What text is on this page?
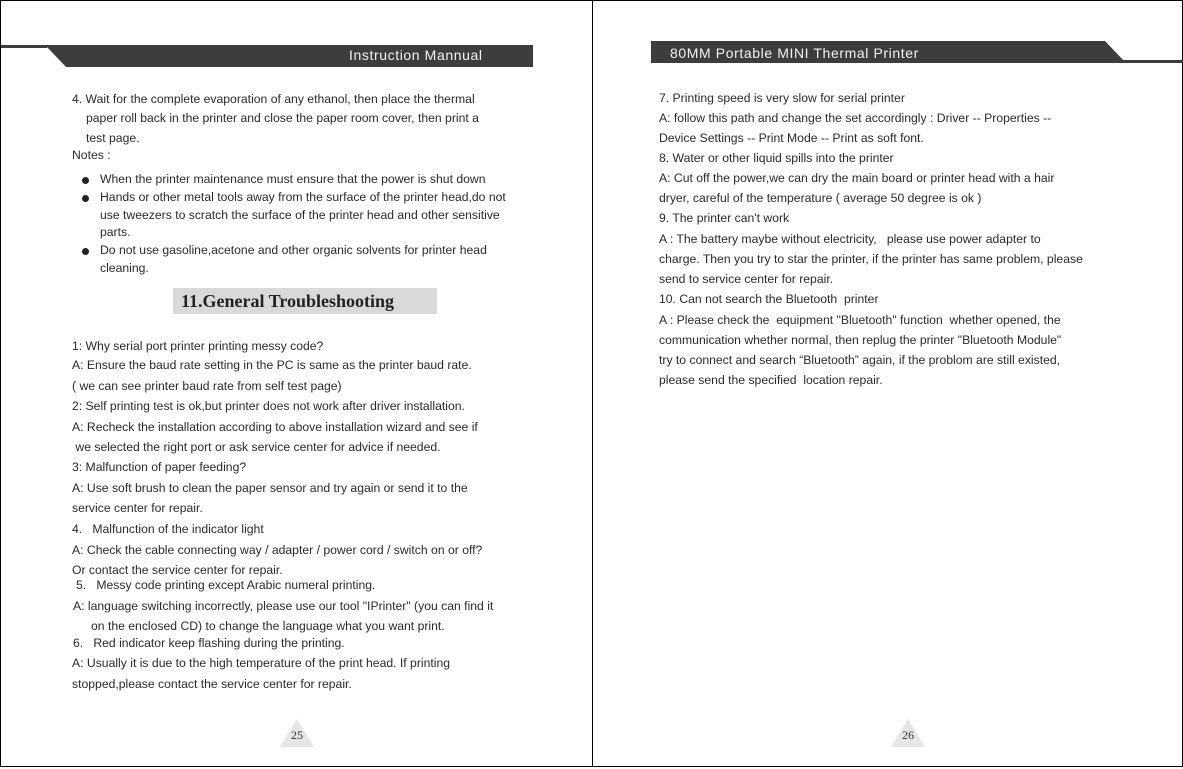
Instruction Mannual
4. Wait for the complete evaporation of any ethanol, then place the thermal
paper roll back in the printer and close the paper room cover, then print a
test page.
Notes :
When the printer maintenance must ensure that the power is shut down
Hands or other metal tools away from the surface of the printer head,do not
use tweezers to scratch the surface of the printer head and other sensitive
parts.
Do not use gasoline,acetone and other organic solvents for printer head
cleaning.
11.General Troubleshooting
1: Why serial port printer printing messy code?
A: Ensure the baud rate setting in the PC is same as the printer baud rate.
( we can see printer baud rate from self test page)
2: Self printing test is ok,but printer does not work after driver installation.
A: Recheck the installation according to above installation wizard and see if
we selected the right port or ask service center for advice if needed.
3: Malfunction of paper feeding?
A: Use soft brush to clean the paper sensor and try again or send it to the
service center for repair.
4.   Malfunction of the indicator light
A: Check the cable connecting way / adapter / power cord / switch on or off?
Or contact the service center for repair.
5.   Messy code printing except Arabic numeral printing.
A: language switching incorrectly, please use our tool "IPrinter" (you can find it
on the enclosed CD) to change the language what you want print.
6.   Red indicator keep flashing during the printing.
A: Usually it is due to the high temperature of the print head. If printing
stopped,please contact the service center for repair.
25
80MM Portable MINI Thermal Printer
7. Printing speed is very slow for serial printer
A: follow this path and change the set accordingly : Driver -- Properties --
Device Settings -- Print Mode -- Print as soft font.
8. Water or other liquid spills into the printer
A: Cut off the power,we can dry the main board or printer head with a hair
dryer, careful of the temperature ( average 50 degree is ok )
9. The printer can't work
A : The battery maybe without electricity,   please use power adapter to
charge. Then you try to star the printer, if the printer has same problem, please
send to service center for repair.
10. Can not search the Bluetooth  printer
A : Please check the  equipment "Bluetooth" function  whether opened, the
communication whether normal, then replug the printer "Bluetooth Module"
try to connect and search “Bluetooth” again, if the problom are still existed,
please send the specified  location repair.
26
